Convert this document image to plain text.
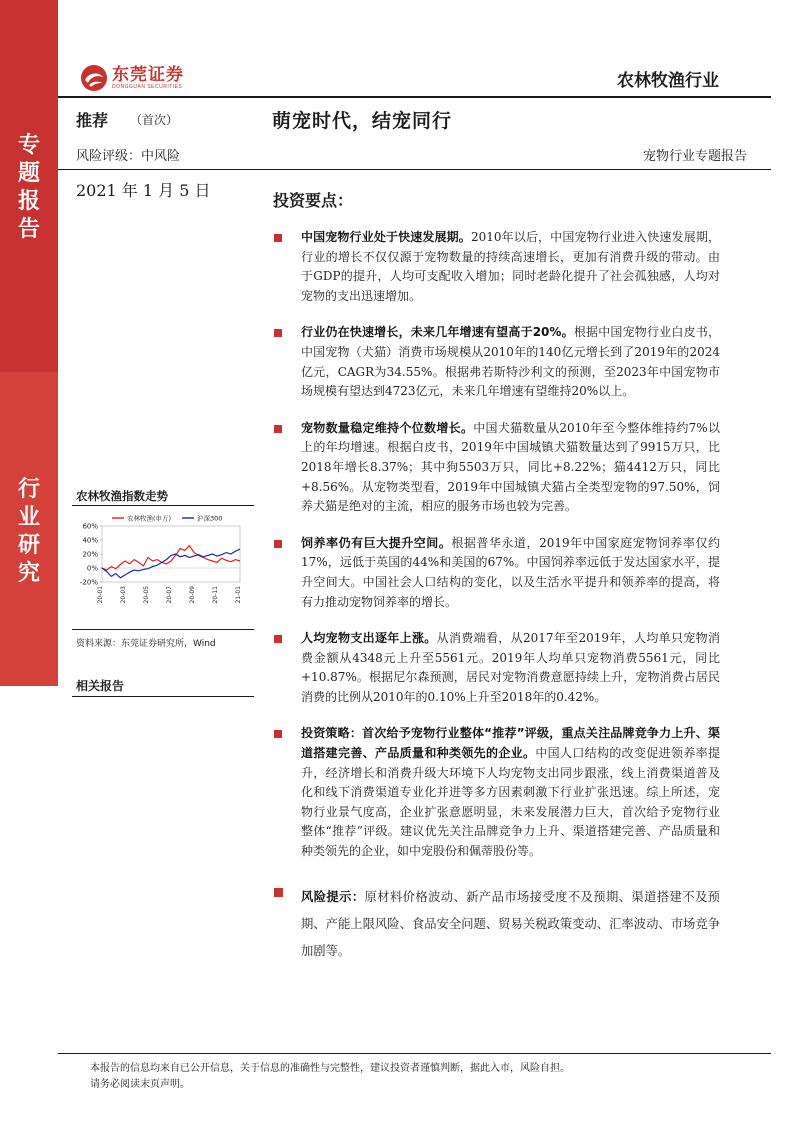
专
题
报
告
行
业
研
究
东莞证券
DONGGUAN SECURITIES	农林牧渔行业
推荐 （首次）	萌宠时代，结宠同行
风险评级：中风险	宠物行业专题报告
2021 年 1 月 5 日
投资要点：
中国宠物行业处于快速发展期。2010年以后，中国宠物行业进入快速发展期，行业的增长不仅仅源于宠物数量的持续高速增长，更加有消费升级的带动。由于GDP的提升，人均可支配收入增加；同时老龄化提升了社会孤独感，人均对宠物的支出迅速增加。
行业仍在快速增长，未来几年增速有望高于20%。根据中国宠物行业白皮书，中国宠物（犬猫）消费市场规模从2010年的140亿元增长到了2019年的2024亿元，CAGR为34.55%。根据弗若斯特沙利文的预测，至2023年中国宠物市场规模有望达到4723亿元，未来几年增速有望维持20%以上。
宠物数量稳定维持个位数增长。中国犬猫数量从2010年至今整体维持约7%以上的年均增速。根据白皮书，2019年中国城镇犬猫数量达到了9915万只，比2018年增长8.37%；其中狗5503万只，同比+8.22%；猫4412万只，同比+8.56%。从宠物类型看，2019年中国城镇犬猫占全类型宠物的97.50%，饲养犬猫是绝对的主流，相应的服务市场也较为完善。
饲养率仍有巨大提升空间。根据普华永道，2019年中国家庭宠物饲养率仅约17%，远低于英国的44%和美国的67%。中国饲养率远低于发达国家水平，提升空间大。中国社会人口结构的变化，以及生活水平提升和领养率的提高，将有力推动宠物饲养率的增长。
人均宠物支出逐年上涨。从消费端看，从2017年至2019年，人均单只宠物消费金额从4348元上升至5561元。2019年人均单只宠物消费5561元，同比+10.87%。根据尼尔森预测，居民对宠物消费意愿持续上升，宠物消费占居民消费的比例从2010年的0.10%上升至2018年的0.42%。
投资策略：首次给予宠物行业整体“推荐”评级，重点关注品牌竞争力上升、渠道搭建完善、产品质量和种类领先的企业。中国人口结构的改变促进领养率提升，经济增长和消费升级大环境下人均宠物支出同步跟涨，线上消费渠道普及化和线下消费渠道专业化并进等多方因素刺激下行业扩张迅速。综上所述，宠物行业景气度高，企业扩张意愿明显，未来发展潜力巨大，首次给予宠物行业整体“推荐”评级。建议优先关注品牌竞争力上升、渠道搭建完善、产品质量和种类领先的企业，如中宠股份和佩蒂股份等。
风险提示：原材料价格波动、新产品市场接受度不及预期、渠道搭建不及预期、产能上限风险、食品安全问题、贸易关税政策变动、汇率波动、市场竞争加剧等。
农林牧渔指数走势
60%
40%
20%
0%
-20%
20-01	20-03	20-05	20-07	20-09	20-11	21-01
农林牧渔(申万)	沪深300
资料来源：东莞证券研究所，Wind
相关报告
本报告的信息均来自已公开信息，关于信息的准确性与完整性，建议投资者谨慎判断，据此入市，风险自担。
请务必阅读末页声明。
